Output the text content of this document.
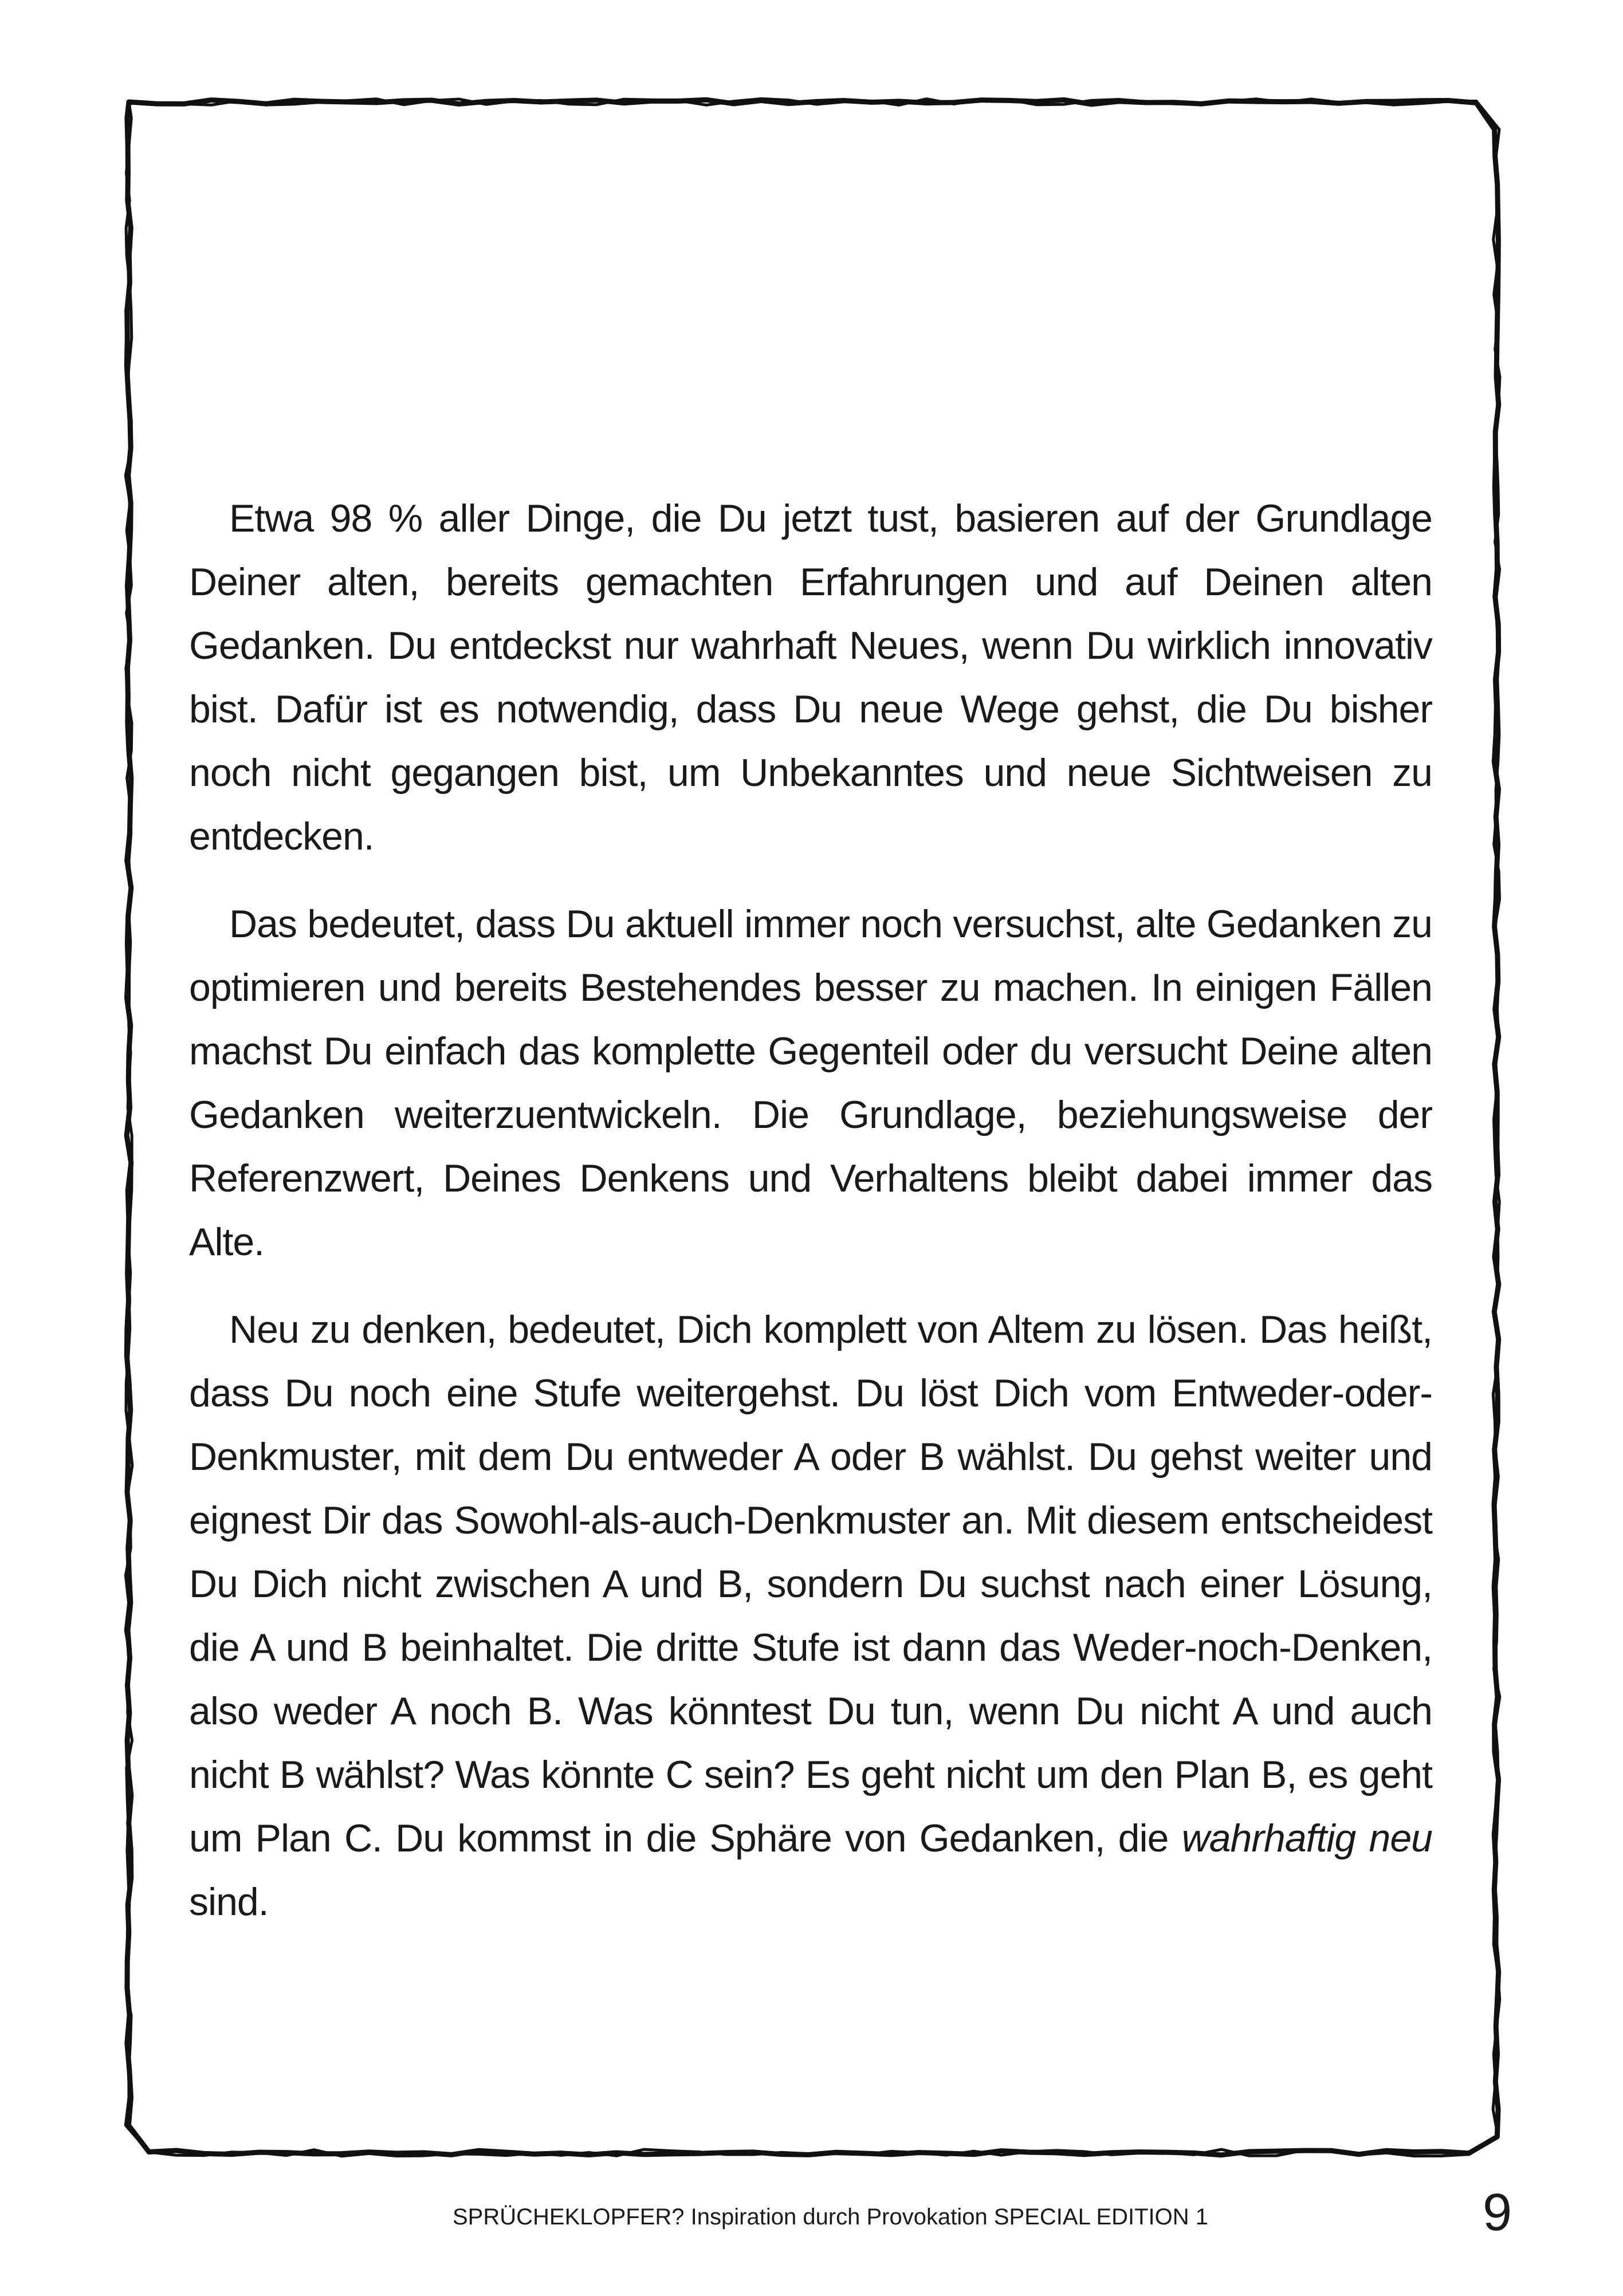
Etwa 98 % aller Dinge, die Du jetzt tust, basieren auf der Grundlage Deiner alten, bereits gemachten Erfahrungen und auf Deinen alten Gedanken. Du entdeckst nur wahrhaft Neues, wenn Du wirklich innovativ bist. Dafür ist es notwendig, dass Du neue Wege gehst, die Du bisher noch nicht gegangen bist, um Unbekanntes und neue Sichtweisen zu entdecken.

Das bedeutet, dass Du aktuell immer noch versuchst, alte Gedanken zu optimieren und bereits Bestehendes besser zu machen. In einigen Fällen machst Du einfach das komplette Gegenteil oder du versucht Deine alten Gedanken weiterzuentwickeln. Die Grundlage, beziehungsweise der Referenzwert, Deines Denkens und Verhaltens bleibt dabei immer das Alte.

Neu zu denken, bedeutet, Dich komplett von Altem zu lösen. Das heißt, dass Du noch eine Stufe weitergehst. Du löst Dich vom Entweder-oder-Denkmuster, mit dem Du entweder A oder B wählst. Du gehst weiter und eignest Dir das Sowohl-als-auch-Denkmuster an. Mit diesem entscheidest Du Dich nicht zwischen A und B, sondern Du suchst nach einer Lösung, die A und B beinhaltet. Die dritte Stufe ist dann das Weder-noch-Denken, also weder A noch B. Was könntest Du tun, wenn Du nicht A und auch nicht B wählst? Was könnte C sein? Es geht nicht um den Plan B, es geht um Plan C. Du kommst in die Sphäre von Gedanken, die wahrhaftig neu sind.

SPRÜCHEKLOPFER? Inspiration durch Provokation SPECIAL EDITION 1	9
